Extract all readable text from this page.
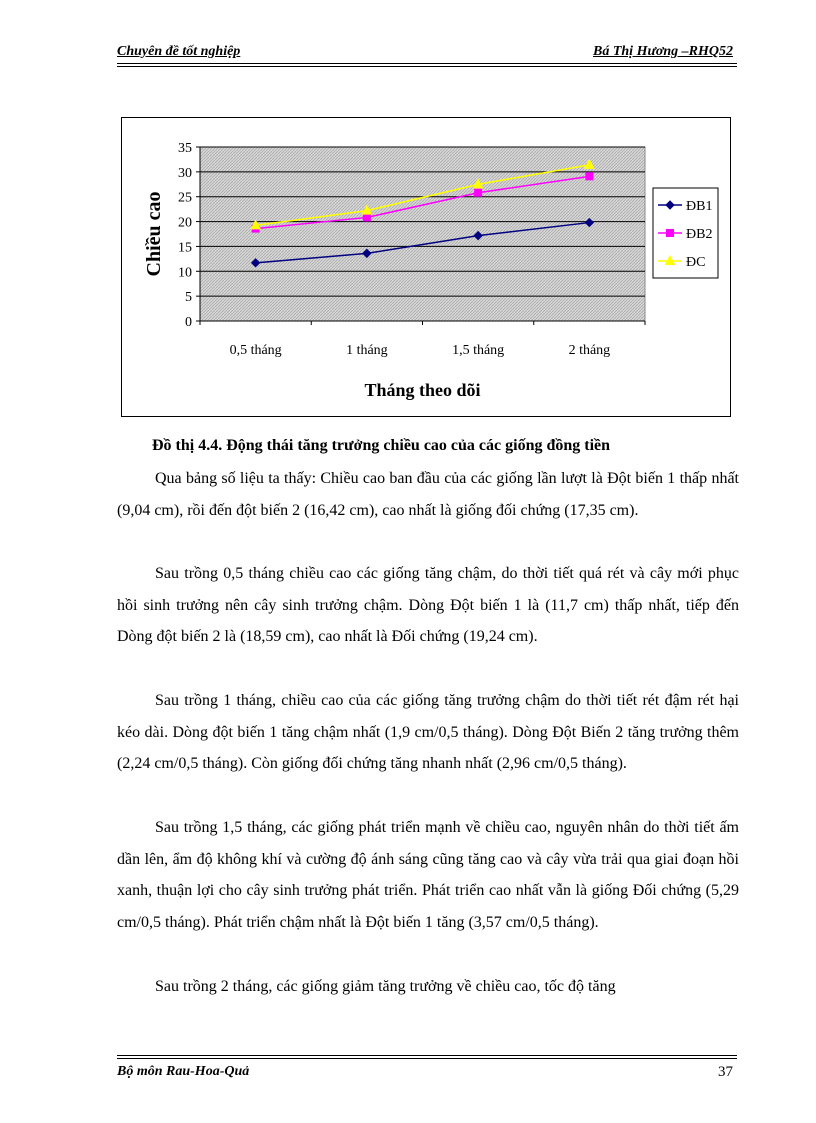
Chuyên đề tốt nghiệp	Bá Thị Hương –RHQ52
0
5
10
15
20
25
30
35
0,5 tháng	1 tháng	1,5 tháng	2 tháng
Tháng theo dõi
Chiều cao	ĐB1
ĐB2
ĐC
Đồ thị 4.4. Động thái tăng trưởng chiều cao của các giống đồng tiền

Qua bảng số liệu ta thấy: Chiều cao ban đầu của các giống lần lượt là Đột biến 1 thấp nhất (9,04 cm), rồi đến đột biến 2 (16,42 cm), cao nhất là giống đối chứng (17,35 cm).

Sau trồng 0,5 tháng chiều cao các giống tăng chậm, do thời tiết quá rét và cây mới phục hồi sinh trưởng nên cây sinh trưởng chậm. Dòng Đột biến 1 là (11,7 cm) thấp nhất, tiếp đến Dòng đột biến 2 là (18,59 cm), cao nhất là Đối chứng (19,24 cm).

Sau trồng 1 tháng, chiều cao của các giống tăng trưởng chậm do thời tiết rét đậm rét hại kéo dài. Dòng đột biến 1 tăng chậm nhất (1,9 cm/0,5 tháng). Dòng Đột Biến 2 tăng trưởng thêm (2,24 cm/0,5 tháng). Còn giống đối chứng tăng nhanh nhất (2,96 cm/0,5 tháng).

Sau trồng 1,5 tháng, các giống phát triển mạnh về chiều cao, nguyên nhân do thời tiết ấm dần lên, ẩm độ không khí và cường độ ánh sáng cũng tăng cao và cây vừa trải qua giai đoạn hồi xanh, thuận lợi cho cây sinh trưởng phát triển. Phát triển cao nhất vẫn là giống Đối chứng (5,29 cm/0,5 tháng). Phát triển chậm nhất là Đột biến 1 tăng (3,57 cm/0,5 tháng).

Sau trồng 2 tháng, các giống giảm tăng trưởng về chiều cao, tốc độ tăng

Bộ môn Rau-Hoa-Quả	37
